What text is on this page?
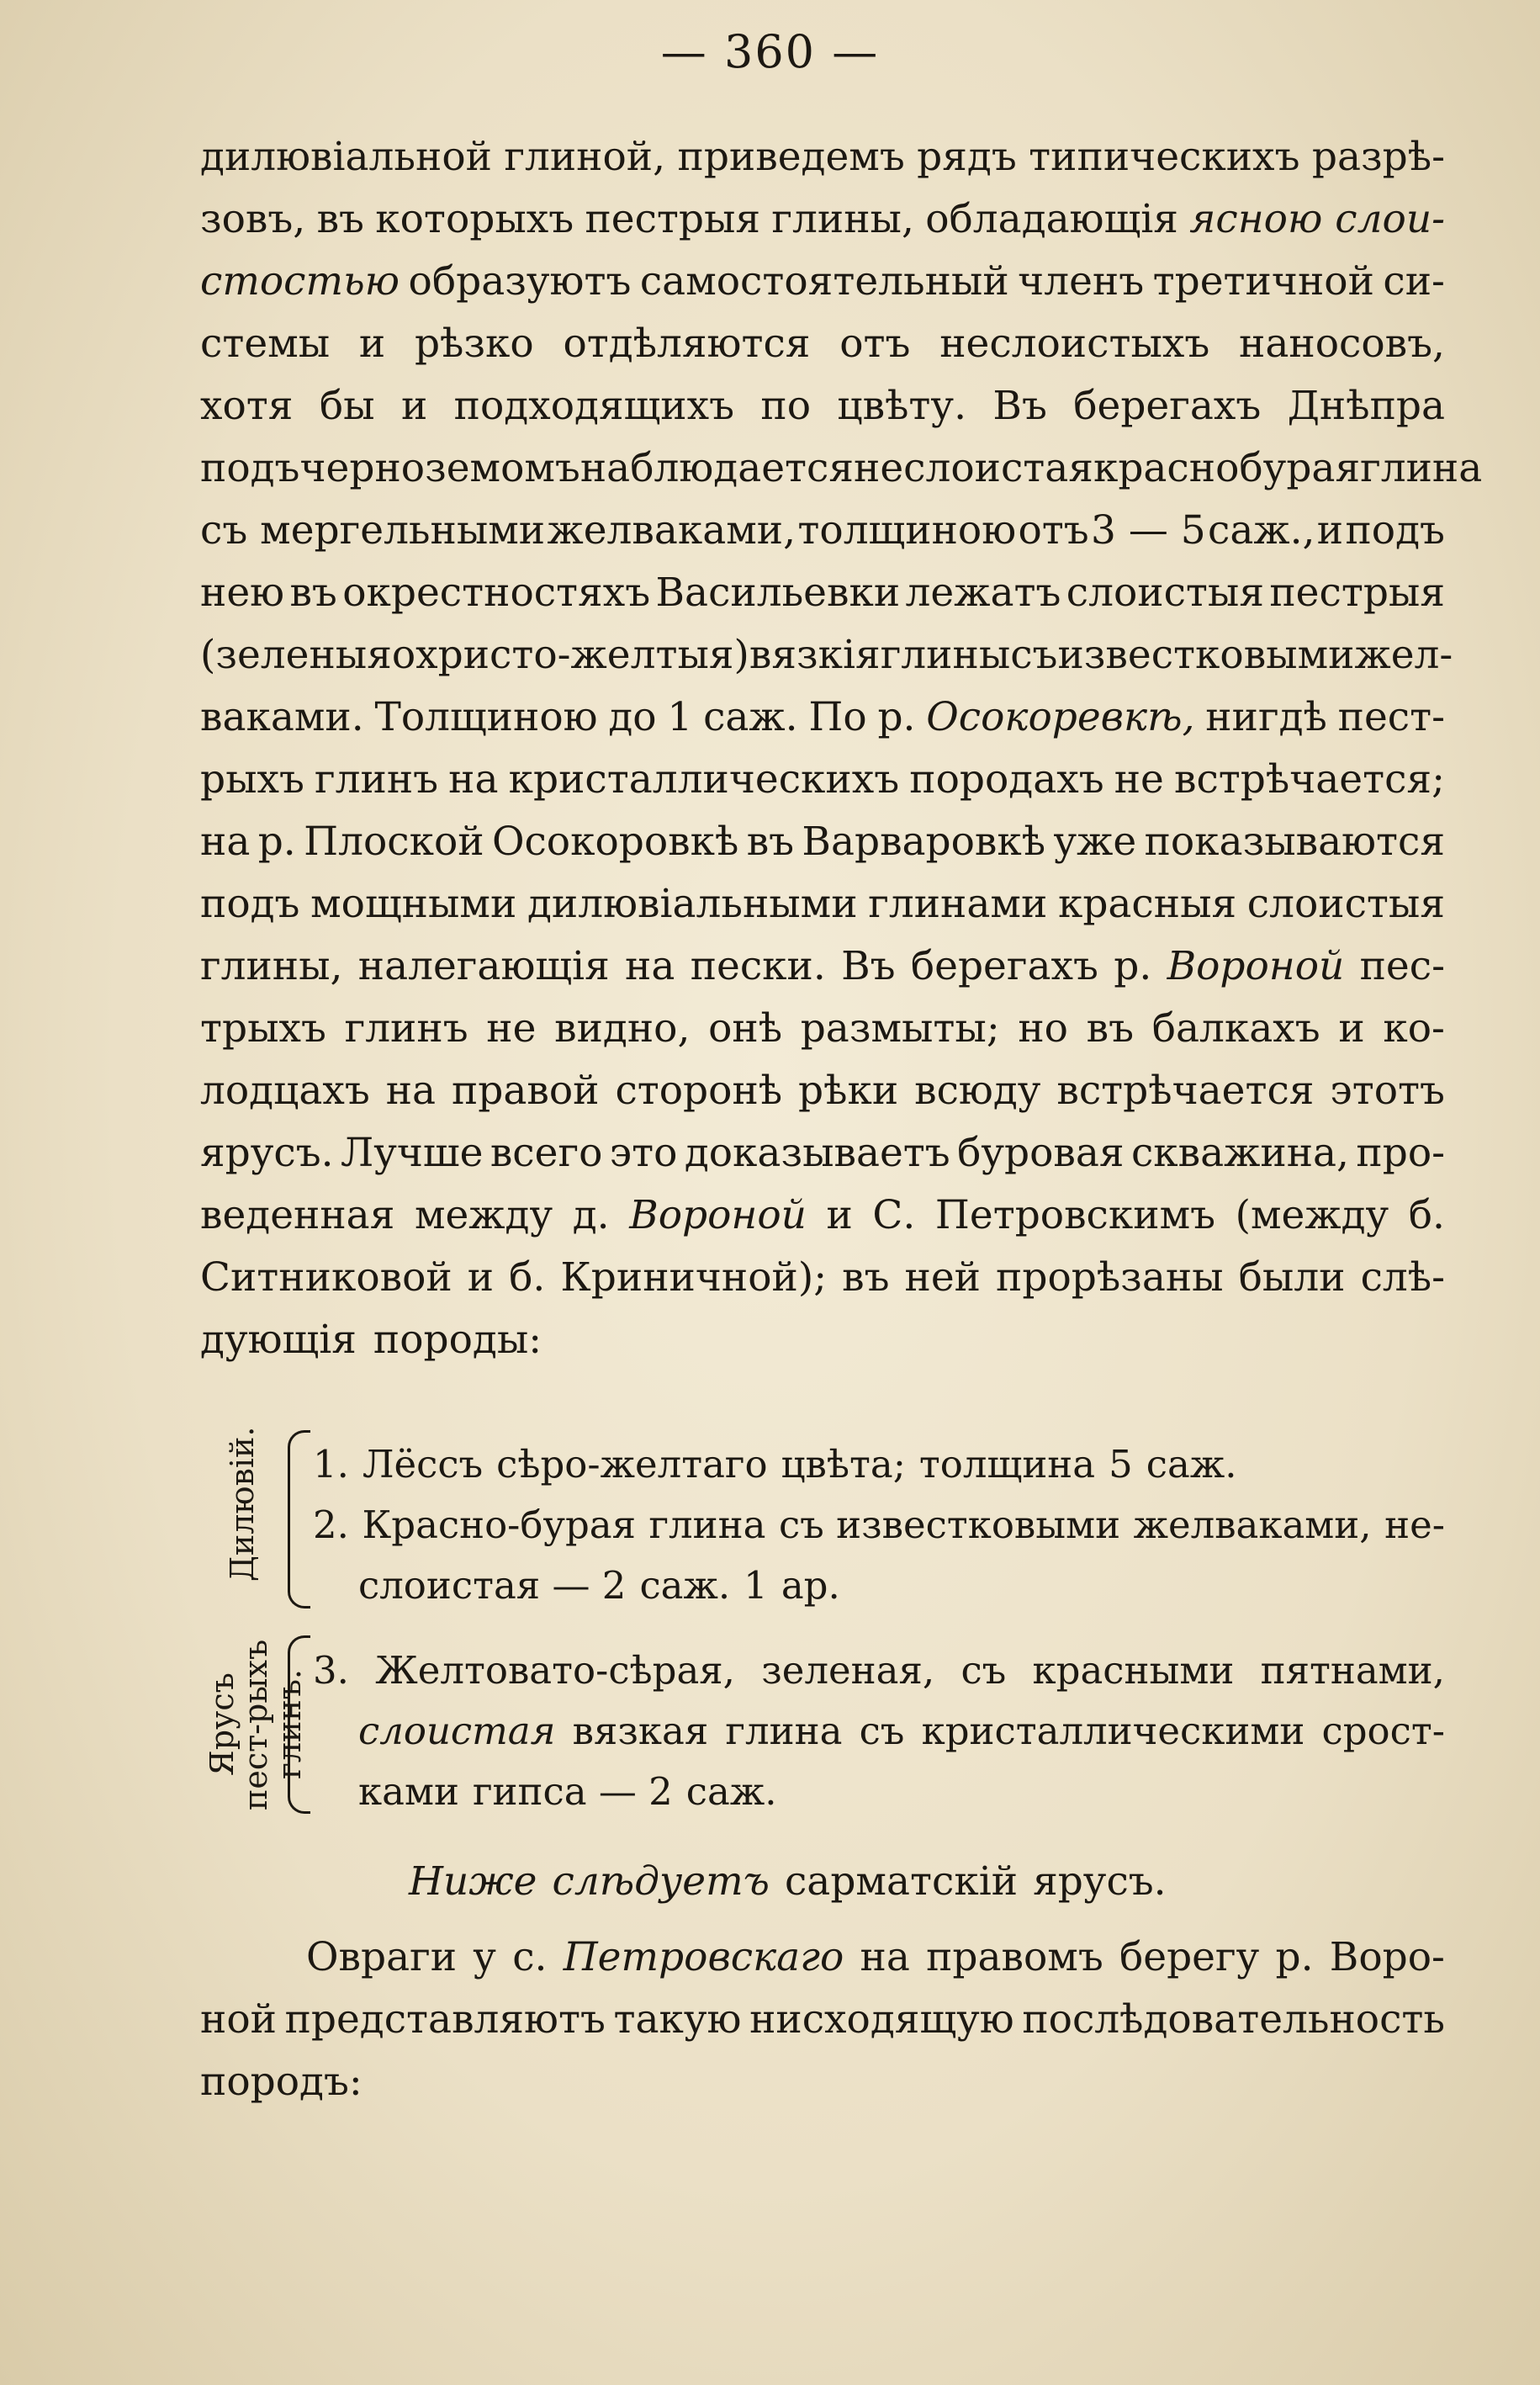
— 360 —
дилювіальной глиной, приведемъ рядъ типическихъ разрѣ-
зовъ, въ которыхъ пестрыя глины, обладающія ясною слои-
стостью образуютъ самостоятельный членъ третичной си-
стемы и рѣзко отдѣляются отъ неслоистыхъ наносовъ,
хотя бы и подходящихъ по цвѣту. Въ берегахъ Днѣпра
подъ черноземомъ наблюдается неслоистая краснобурая глина
съ мергельными желваками, толщиною отъ 3 — 5 саж., и подъ
нею въ окрестностяхъ Васильевки лежатъ слоистыя пестрыя
(зеленыя охристо-желтыя) вязкія глины съ известковыми жел-
ваками. Толщиною до 1 саж. По р. Осокоревкѣ, нигдѣ пест-
рыхъ глинъ на кристаллическихъ породахъ не встрѣчается;
на р. Плоской Осокоровкѣ въ Варваровкѣ уже показываются
подъ мощными дилювіальными глинами красныя слоистыя
глины, налегающія на пески. Въ берегахъ р. Вороной пес-
трыхъ глинъ не видно, онѣ размыты; но въ балкахъ и ко-
лодцахъ на правой сторонѣ рѣки всюду встрѣчается этотъ
ярусъ. Лучше всего это доказываетъ буровая скважина, про-
веденная между д. Вороной и С. Петровскимъ (между б.
Ситниковой и б. Криничной); въ ней прорѣзаны были слѣ-
дующія породы:
Дилювій. 1. Лёссъ сѣро-желтаго цвѣта; толщина 5 саж.
2. Красно-бурая глина съ известковыми желваками, не-
слоистая — 2 саж. 1 ар.
Ярусъ пест-рыхъ глинъ. 3. Желтовато-сѣрая, зеленая, съ красными пятнами,
слоистая вязкая глина съ кристаллическими срост-
ками гипса — 2 саж.
Ниже слѣдуетъ сарматскій ярусъ.
Овраги у с. Петровскаго на правомъ берегу р. Воро-
ной представляютъ такую нисходящую послѣдовательность
породъ:
